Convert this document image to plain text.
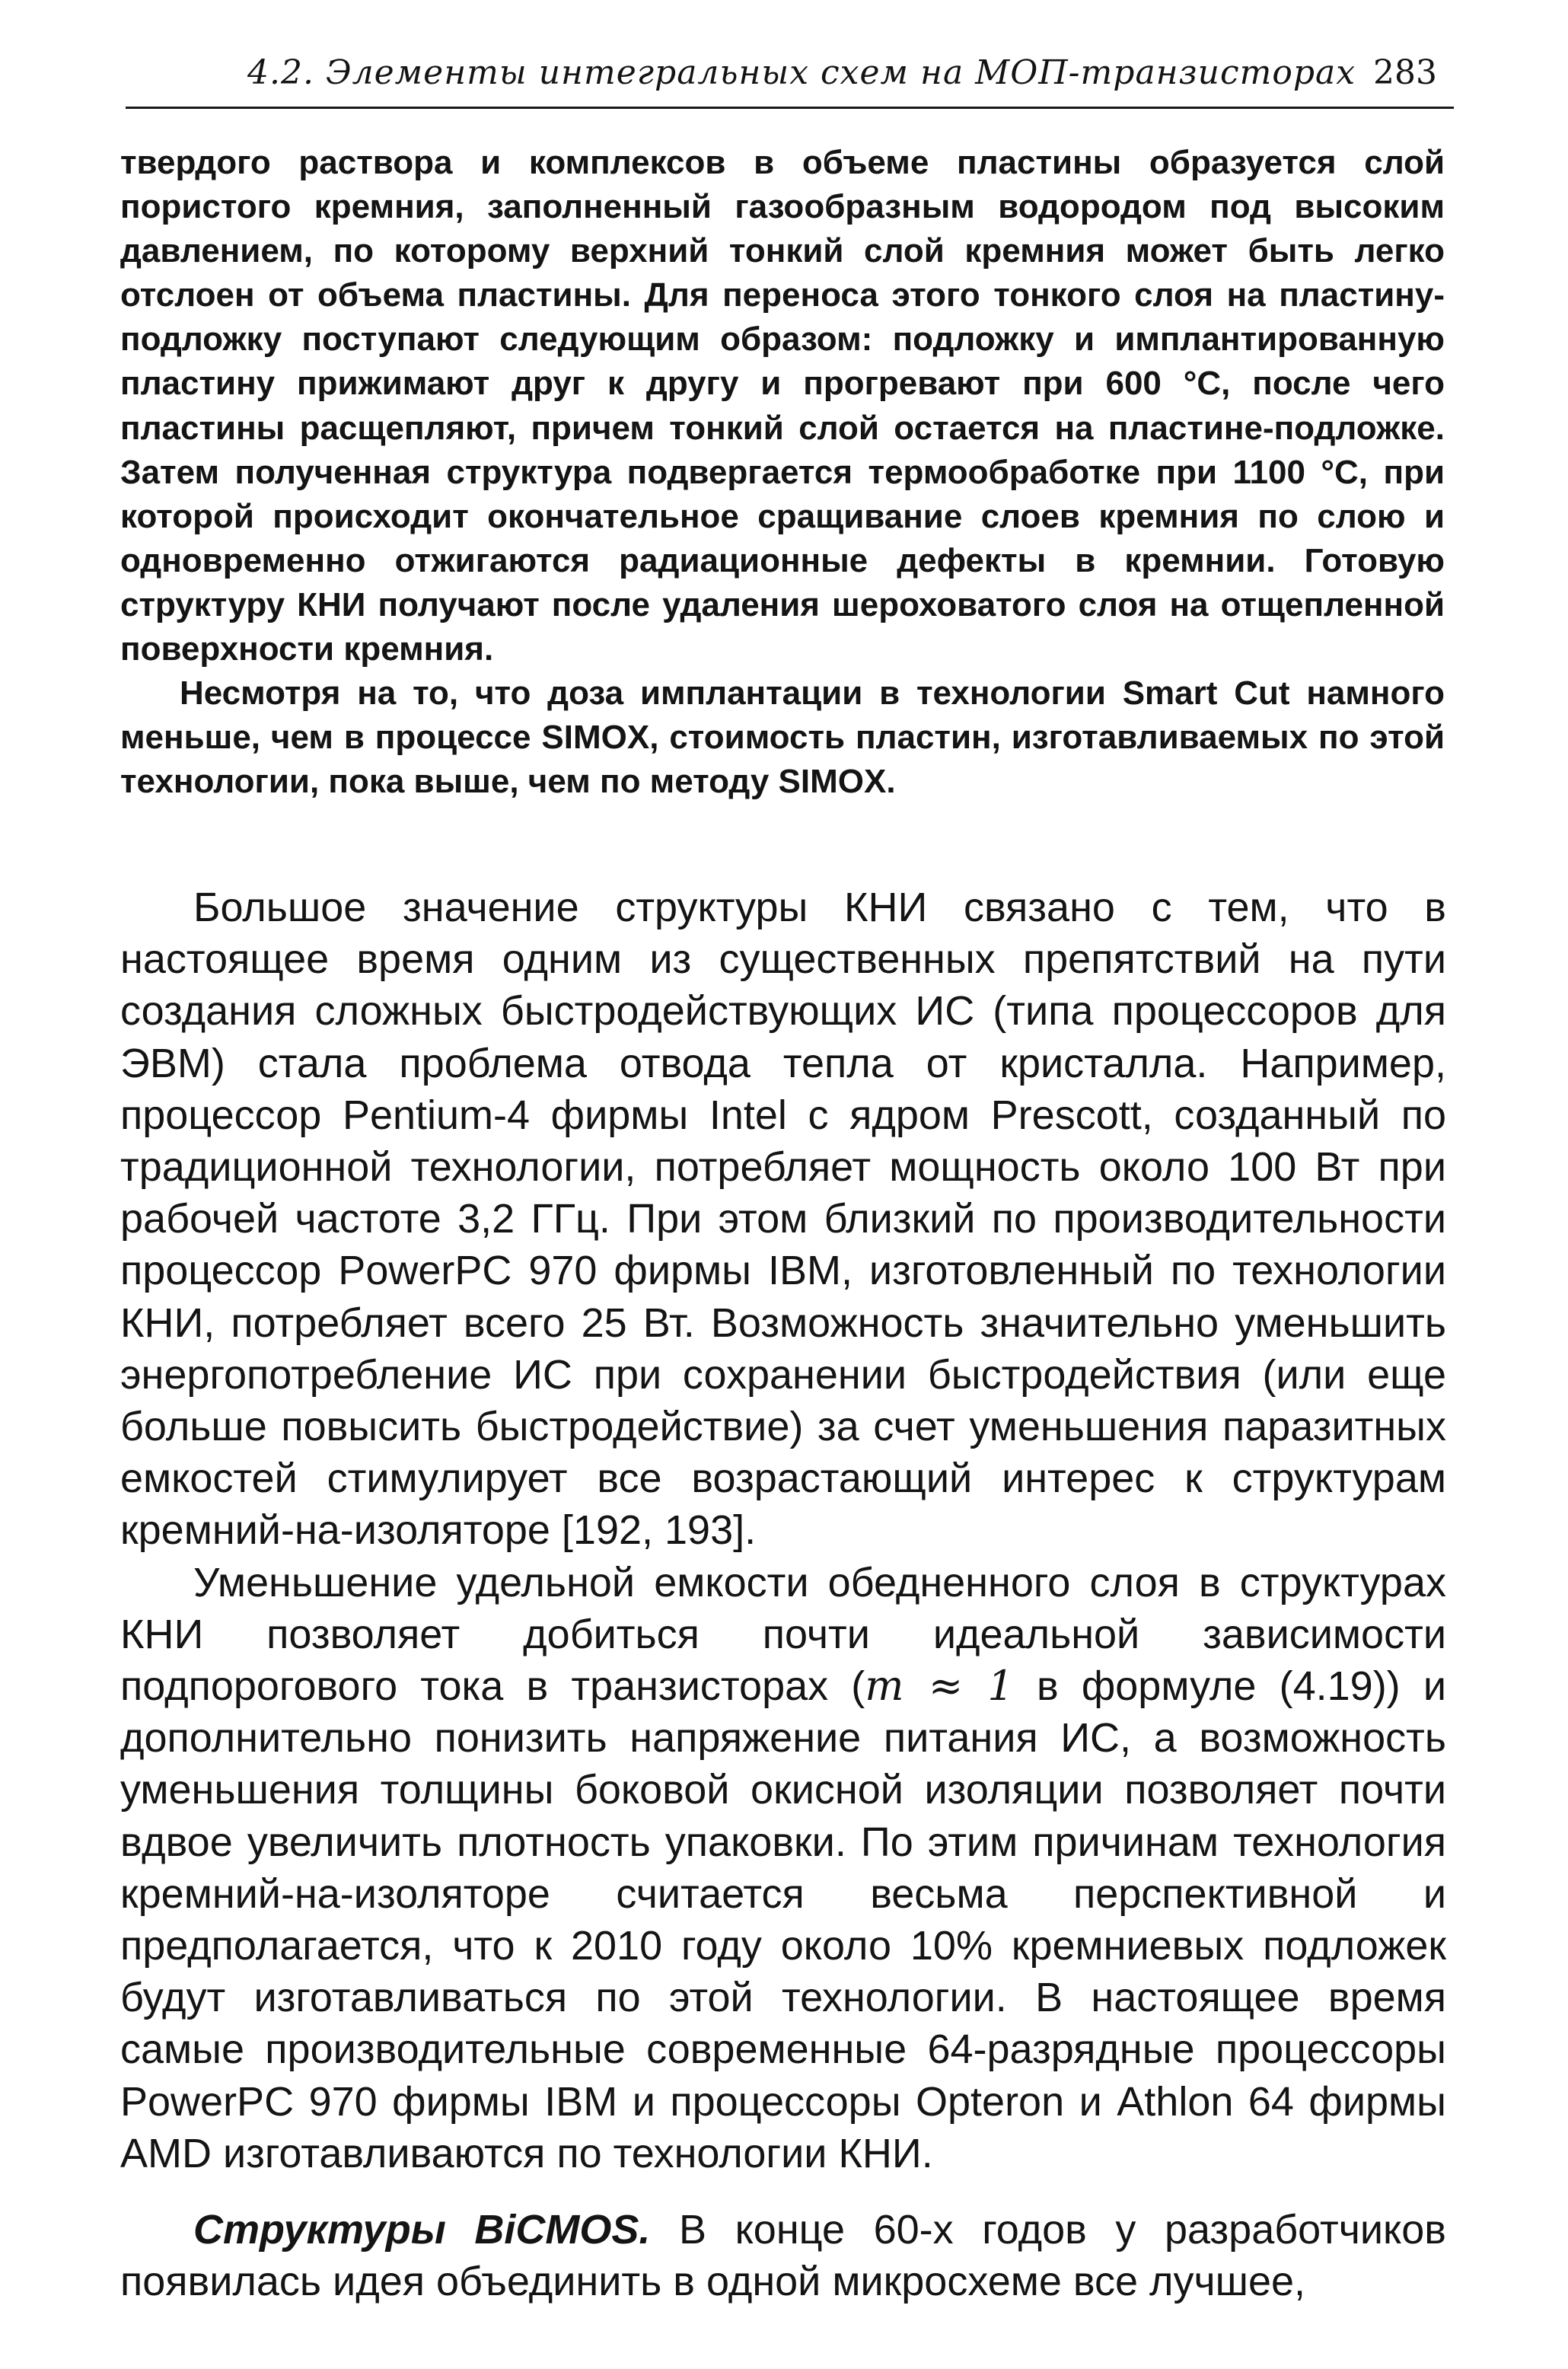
4.2. Элементы интегральных схем на МОП-транзисторах 283

твердого раствора и комплексов в объеме пластины образуется слой пористого кремния, заполненный газообразным водородом под высоким давлением, по которому верхний тонкий слой кремния может быть легко отслоен от объема пластины. Для переноса этого тонкого слоя на пластину-подложку поступают следующим образом: подложку и имплантированную пластину прижимают друг к другу и прогревают при 600 °C, после чего пластины расщепляют, причем тонкий слой остается на пластине-подложке. Затем полученная структура подвергается термообработке при 1100 °C, при которой происходит окончательное сращивание слоев кремния по слою и одновременно отжигаются радиационные дефекты в кремнии. Готовую структуру КНИ получают после удаления шероховатого слоя на отщепленной поверхности кремния.

Несмотря на то, что доза имплантации в технологии Smart Cut намного меньше, чем в процессе SIMOX, стоимость пластин, изготавливаемых по этой технологии, пока выше, чем по методу SIMOX.

Большое значение структуры КНИ связано с тем, что в настоящее время одним из существенных препятствий на пути создания сложных быстродействующих ИС (типа процессоров для ЭВМ) стала проблема отвода тепла от кристалла. Например, процессор Pentium-4 фирмы Intel с ядром Prescott, созданный по традиционной технологии, потребляет мощность около 100 Вт при рабочей частоте 3,2 ГГц. При этом близкий по производительности процессор PowerPC 970 фирмы IBM, изготовленный по технологии КНИ, потребляет всего 25 Вт. Возможность значительно уменьшить энергопотребление ИС при сохранении быстродействия (или еще больше повысить быстродействие) за счет уменьшения паразитных емкостей стимулирует все возрастающий интерес к структурам кремний-на-изоляторе [192, 193].

Уменьшение удельной емкости обедненного слоя в структурах КНИ позволяет добиться почти идеальной зависимости подпорогового тока в транзисторах (m ≈ 1 в формуле (4.19)) и дополнительно понизить напряжение питания ИС, а возможность уменьшения толщины боковой окисной изоляции позволяет почти вдвое увеличить плотность упаковки. По этим причинам технология кремний-на-изоляторе считается весьма перспективной и предполагается, что к 2010 году около 10% кремниевых подложек будут изготавливаться по этой технологии. В настоящее время самые производительные современные 64-разрядные процессоры PowerPC 970 фирмы IBM и процессоры Opteron и Athlon 64 фирмы AMD изготавливаются по технологии КНИ.

Структуры BiCMOS. В конце 60-х годов у разработчиков появилась идея объединить в одной микросхеме все лучшее,
